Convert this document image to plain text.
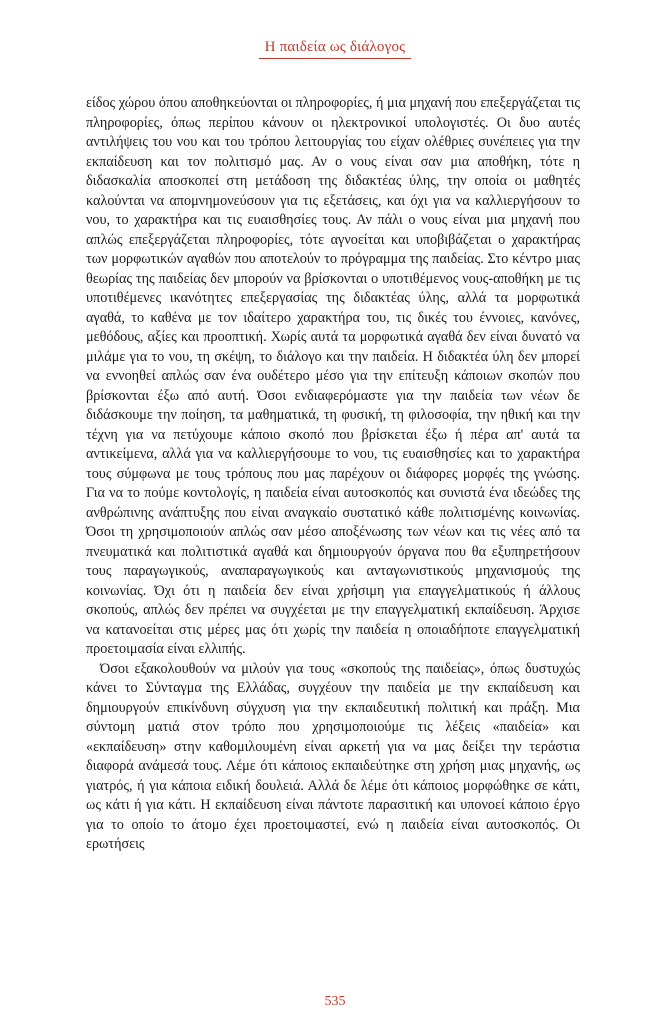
Η παιδεία ως διάλογος

είδος χώρου όπου αποθηκεύονται οι πληροφορίες, ή μια μηχανή που επεξεργάζεται τις πληροφορίες, όπως περίπου κάνουν οι ηλεκτρονικοί υπολογιστές. Οι δυο αυτές αντιλήψεις του νου και του τρόπου λειτουργίας του είχαν ολέθριες συνέπειες για την εκπαίδευση και τον πολιτισμό μας. Αν ο νους είναι σαν μια αποθήκη, τότε η διδασκαλία αποσκοπεί στη μετάδοση της διδακτέας ύλης, την οποία οι μαθητές καλούνται να απομνημονεύσουν για τις εξετάσεις, και όχι για να καλλιεργήσουν το νου, το χαρακτήρα και τις ευαισθησίες τους. Αν πάλι ο νους είναι μια μηχανή που απλώς επεξεργάζεται πληροφορίες, τότε αγνοείται και υποβιβάζεται ο χαρακτήρας των μορφωτικών αγαθών που αποτελούν το πρόγραμμα της παιδείας. Στο κέντρο μιας θεωρίας της παιδείας δεν μπορούν να βρίσκονται ο υποτιθέμενος νους-αποθήκη με τις υποτιθέμενες ικανότητες επεξεργασίας της διδακτέας ύλης, αλλά τα μορφωτικά αγαθά, το καθένα με τον ιδαίτερο χαρακτήρα του, τις δικές του έννοιες, κανόνες, μεθόδους, αξίες και προοπτική. Χωρίς αυτά τα μορφωτικά αγαθά δεν είναι δυνατό να μιλάμε για το νου, τη σκέψη, το διάλογο και την παιδεία. Η διδακτέα ύλη δεν μπορεί να εννοηθεί απλώς σαν ένα ουδέτερο μέσο για την επίτευξη κάποιων σκοπών που βρίσκονται έξω από αυτή. Όσοι ενδιαφερόμαστε για την παιδεία των νέων δε διδάσκουμε την ποίηση, τα μαθηματικά, τη φυσική, τη φιλοσοφία, την ηθική και την τέχνη για να πετύχουμε κάποιο σκοπό που βρίσκεται έξω ή πέρα απ' αυτά τα αντικείμενα, αλλά για να καλλιεργήσουμε το νου, τις ευαισθησίες και το χαρακτήρα τους σύμφωνα με τους τρόπους που μας παρέχουν οι διάφορες μορφές της γνώσης. Για να το πούμε κοντολογίς, η παιδεία είναι αυτοσκοπός και συνιστά ένα ιδεώδες της ανθρώπινης ανάπτυξης που είναι αναγκαίο συστατικό κάθε πολιτισμένης κοινωνίας. Όσοι τη χρησιμοποιούν απλώς σαν μέσο αποξένωσης των νέων και τις νέες από τα πνευματικά και πολιτιστικά αγαθά και δημιουργούν όργανα που θα εξυπηρετήσουν τους παραγωγικούς, αναπαραγωγικούς και ανταγωνιστικούς μηχανισμούς της κοινωνίας. Όχι ότι η παιδεία δεν είναι χρήσιμη για επαγγελματικούς ή άλλους σκοπούς, απλώς δεν πρέπει να συγχέεται με την επαγγελματική εκπαίδευση. Άρχισε να κατανοείται στις μέρες μας ότι χωρίς την παιδεία η οποιαδήποτε επαγγελματική προετοιμασία είναι ελλιπής.

Όσοι εξακολουθούν να μιλούν για τους «σκοπούς της παιδείας», όπως δυστυχώς κάνει το Σύνταγμα της Ελλάδας, συγχέουν την παιδεία με την εκπαίδευση και δημιουργούν επικίνδυνη σύγχυση για την εκπαιδευτική πολιτική και πράξη. Μια σύντομη ματιά στον τρόπο που χρησιμοποιούμε τις λέξεις «παιδεία» και «εκπαίδευση» στην καθομιλουμένη είναι αρκετή για να μας δείξει την τεράστια διαφορά ανάμεσά τους. Λέμε ότι κάποιος εκπαιδεύτηκε στη χρήση μιας μηχανής, ως γιατρός, ή για κάποια ειδική δουλειά. Αλλά δε λέμε ότι κάποιος μορφώθηκε σε κάτι, ως κάτι ή για κάτι. Η εκπαίδευση είναι πάντοτε παρασιτική και υπονοεί κάποιο έργο για το οποίο το άτομο έχει προετοιμαστεί, ενώ η παιδεία είναι αυτοσκοπός. Οι ερωτήσεις

535
